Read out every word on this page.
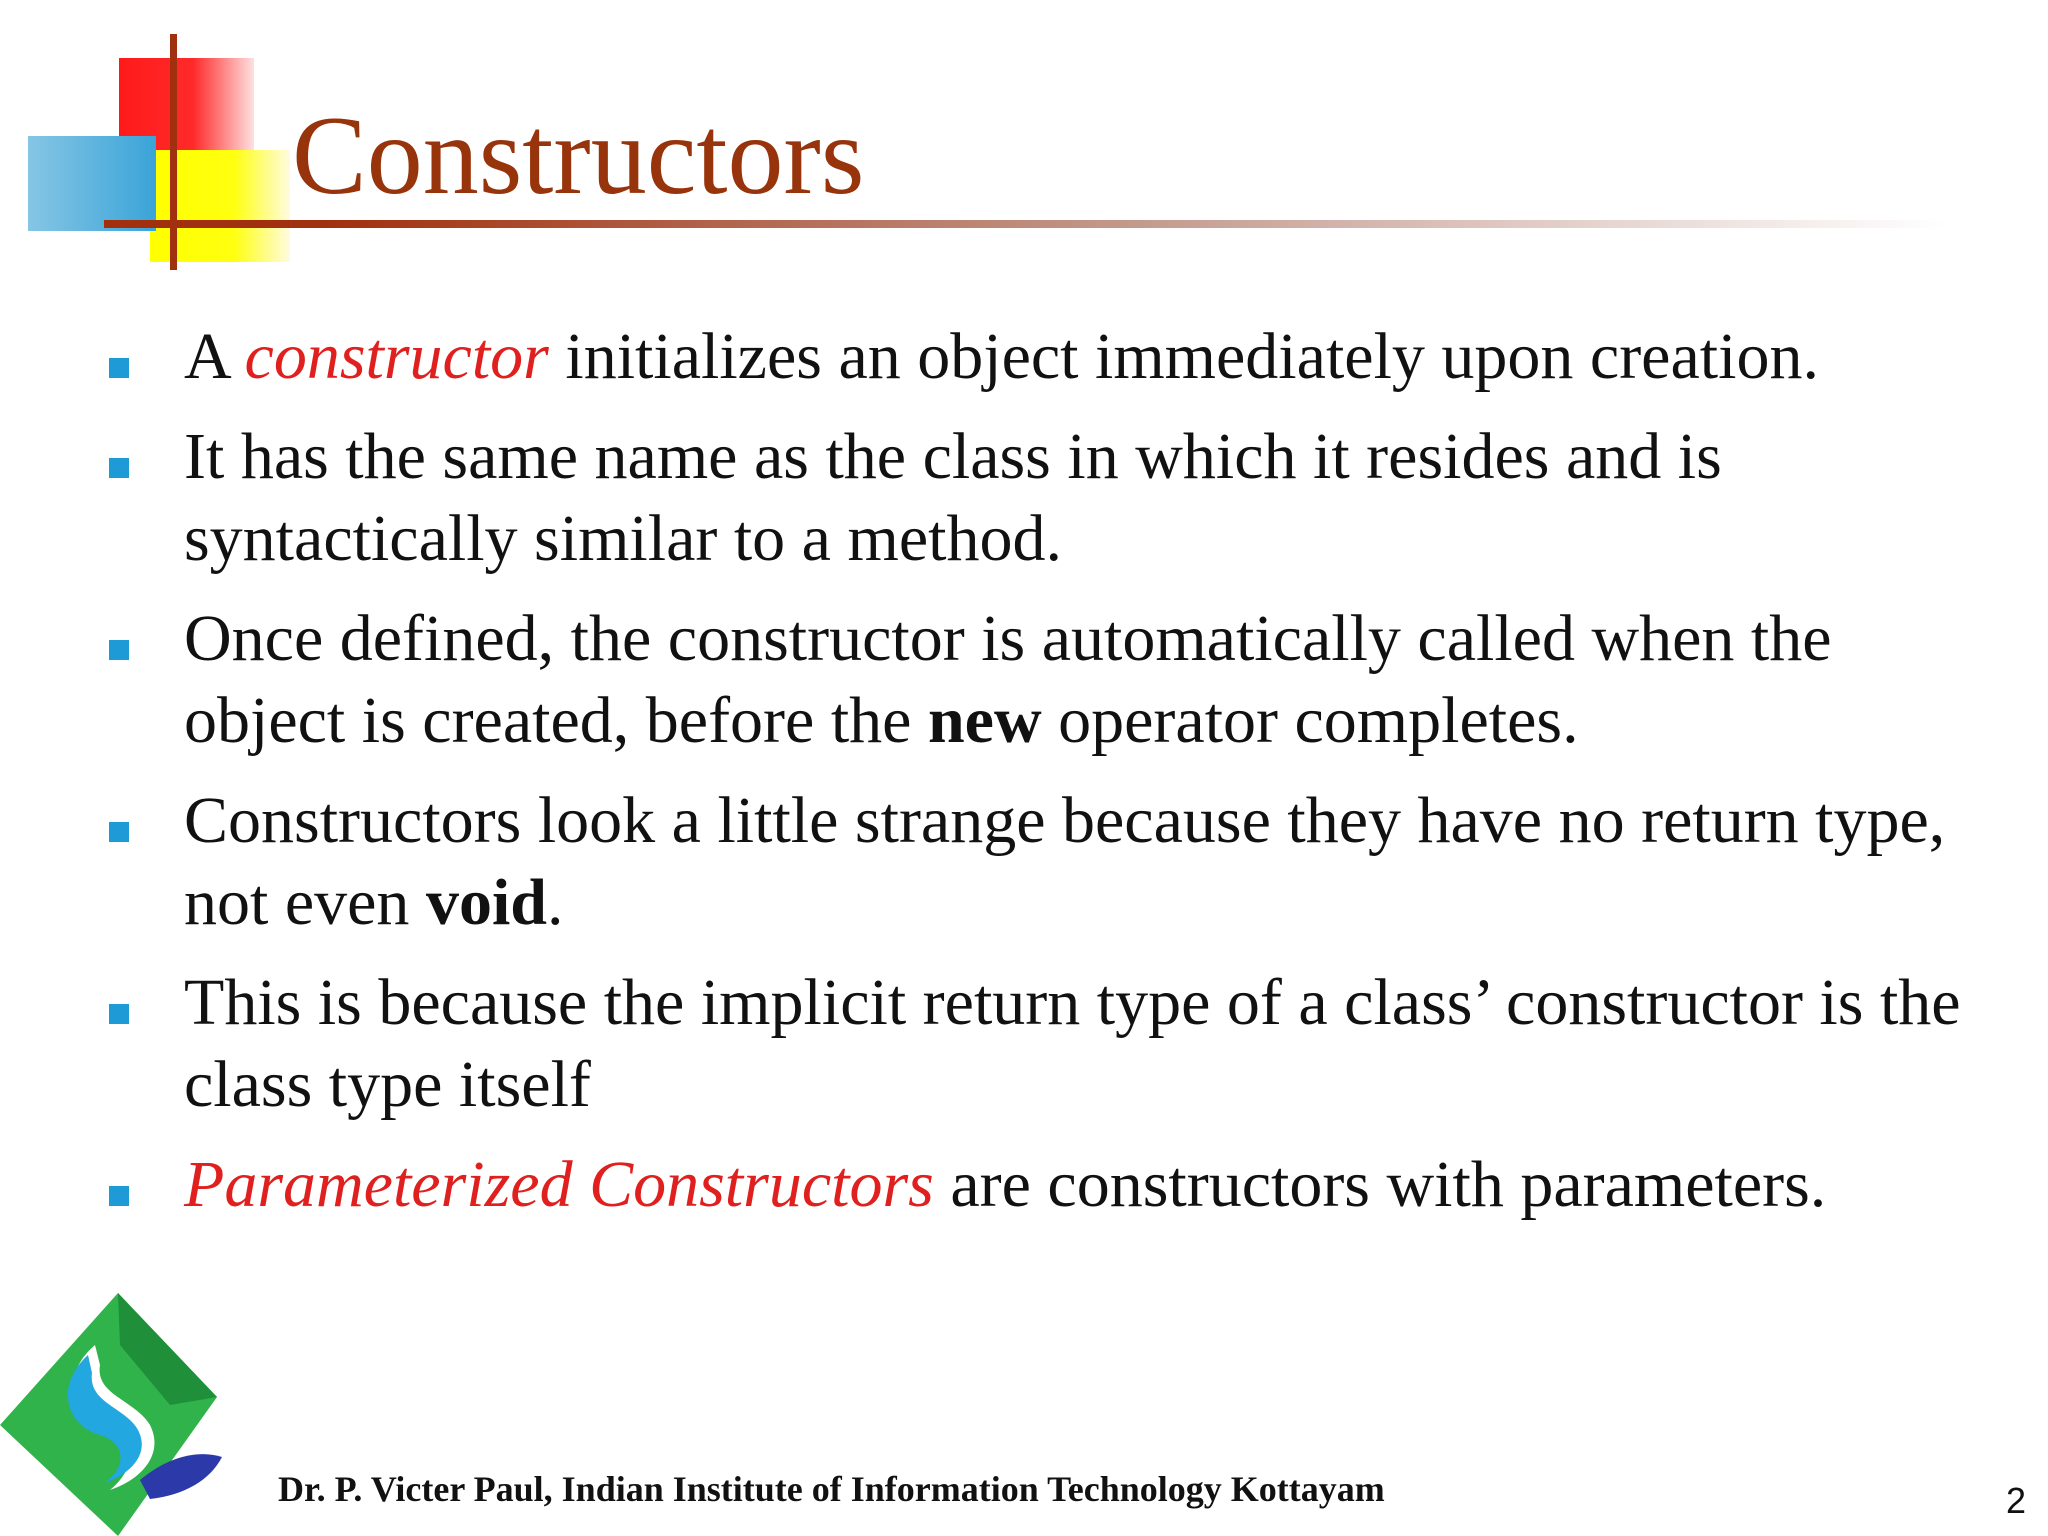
Constructors
A constructor initializes an object immediately upon creation.
It has the same name as the class in which it resides and is syntactically similar to a method.
Once defined, the constructor is automatically called when the object is created, before the new operator completes.
Constructors look a little strange because they have no return type, not even void.
This is because the implicit return type of a class’ constructor is the class type itself
Parameterized Constructors are constructors with parameters.
Dr. P. Victer Paul, Indian Institute of Information Technology Kottayam	2
